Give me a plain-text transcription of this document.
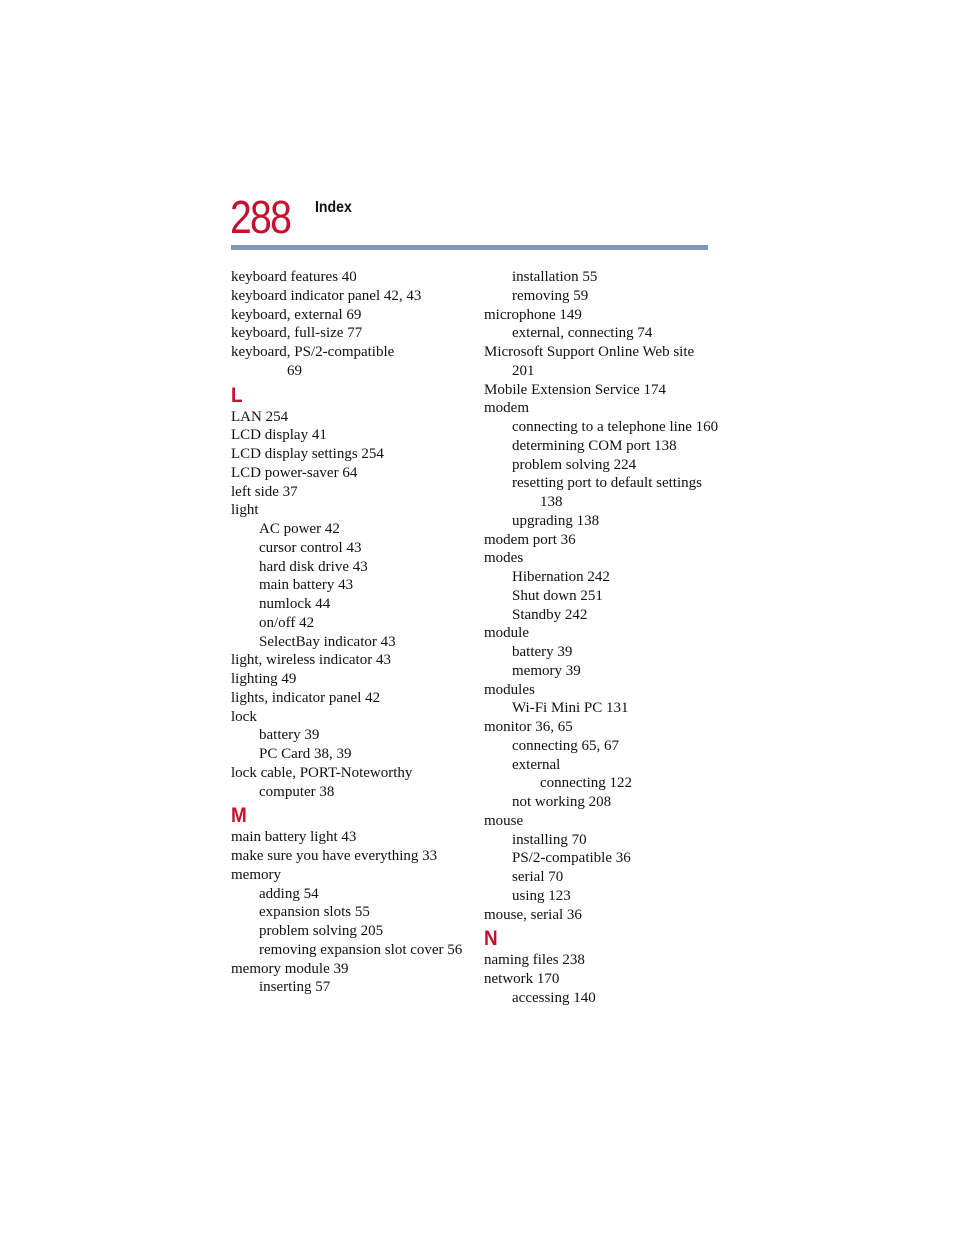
288 Index
keyboard features 40
keyboard indicator panel 42, 43
keyboard, external 69
keyboard, full-size 77
keyboard, PS/2-compatible
69
L
LAN 254
LCD display 41
LCD display settings 254
LCD power-saver 64
left side 37
light
AC power 42
cursor control 43
hard disk drive 43
main battery 43
numlock 44
on/off 42
SelectBay indicator 43
light, wireless indicator 43
lighting 49
lights, indicator panel 42
lock
battery 39
PC Card 38, 39
lock cable, PORT-Noteworthy
computer 38
M
main battery light 43
make sure you have everything 33
memory
adding 54
expansion slots 55
problem solving 205
removing expansion slot cover 56
memory module 39
inserting 57
installation 55
removing 59
microphone 149
external, connecting 74
Microsoft Support Online Web site
201
Mobile Extension Service 174
modem
connecting to a telephone line 160
determining COM port 138
problem solving 224
resetting port to default settings
138
upgrading 138
modem port 36
modes
Hibernation 242
Shut down 251
Standby 242
module
battery 39
memory 39
modules
Wi-Fi Mini PC 131
monitor 36, 65
connecting 65, 67
external
connecting 122
not working 208
mouse
installing 70
PS/2-compatible 36
serial 70
using 123
mouse, serial 36
N
naming files 238
network 170
accessing 140
